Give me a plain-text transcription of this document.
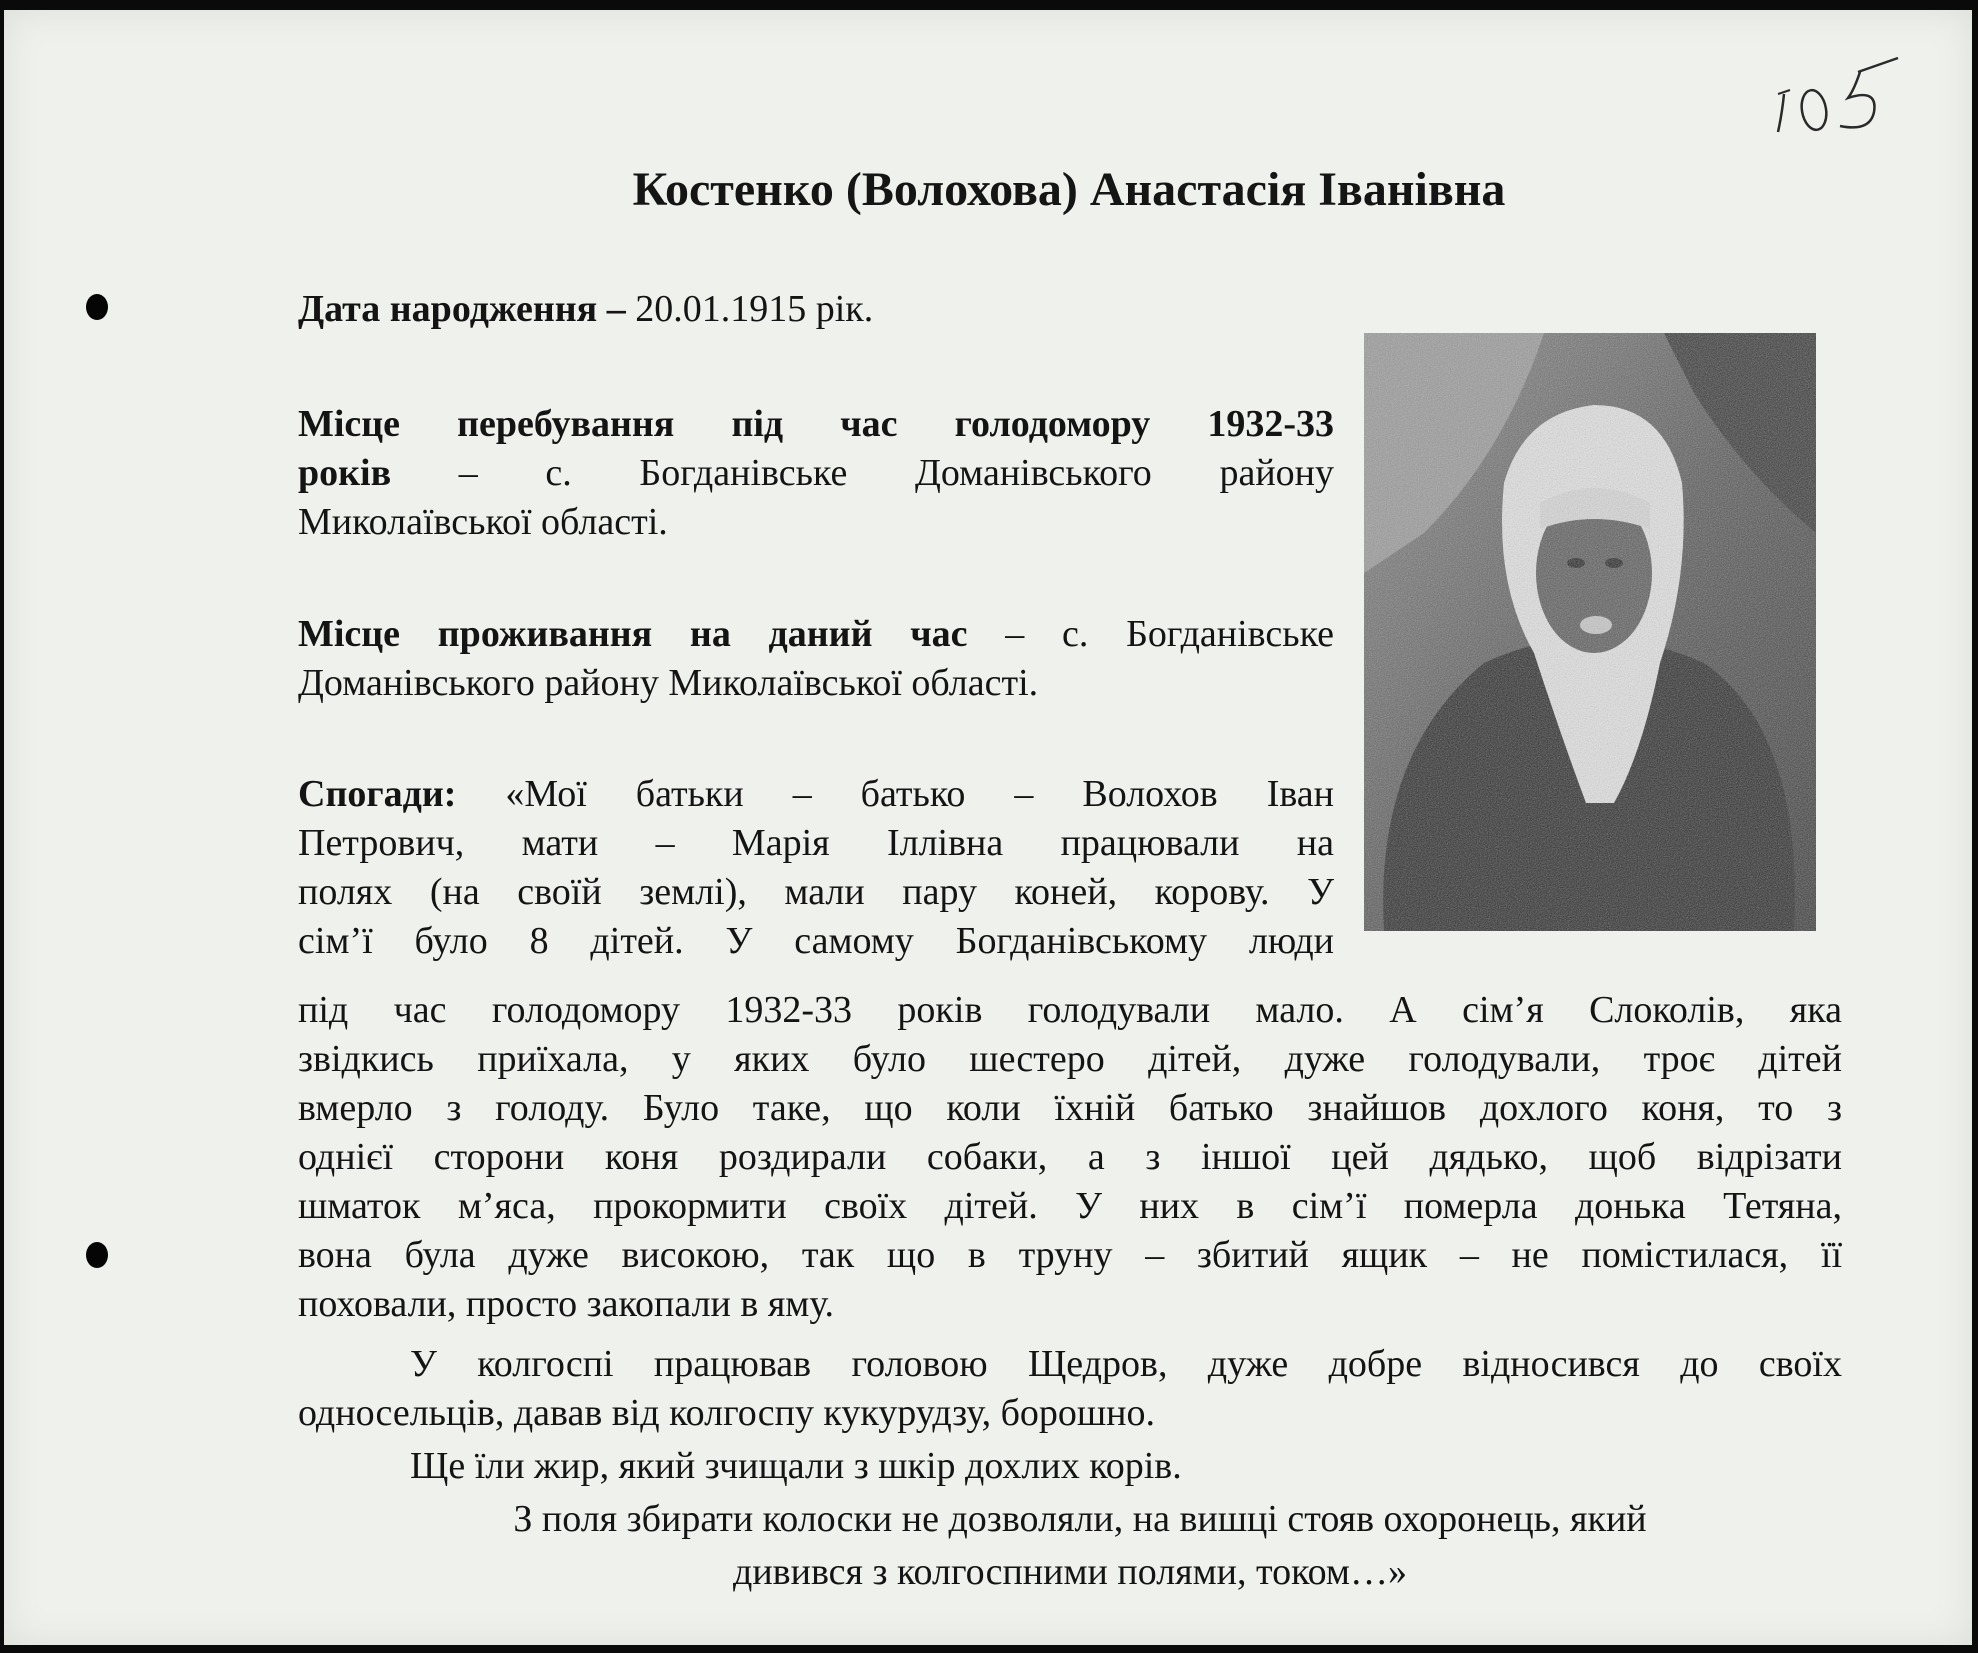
Костенко (Волохова) Анастасія Іванівна
Дата народження – 20.01.1915 рік.
Місце перебування під час голодомору 1932-33
років – с. Богданівське Доманівського району
Миколаївської області.
Місце проживання на даний час – с. Богданівське
Доманівського району Миколаївської області.
Спогади: «Мої батьки – батько – Волохов Іван
Петрович, мати – Марія Іллівна працювали на
полях (на своїй землі), мали пару коней, корову. У
сім’ї було 8 дітей. У самому Богданівському люди
під час голодомору 1932-33 років голодували мало. А сім’я Слоколів, яка
звідкись приїхала, у яких було шестеро дітей, дуже голодували, троє дітей
вмерло з голоду. Було таке, що коли їхній батько знайшов дохлого коня, то з
однієї сторони коня роздирали собаки, а з іншої цей дядько, щоб відрізати
шматок м’яса, прокормити своїх дітей. У них в сім’ї померла донька Тетяна,
вона була дуже високою, так що в труну – збитий ящик – не помістилася, її
поховали, просто закопали в яму.
У колгоспі працював головою Щедров, дуже добре відносився до своїх
односельців, давав від колгоспу кукурудзу, борошно.
Ще їли жир, який зчищали з шкір дохлих корів.
З поля збирати колоски не дозволяли, на вишці стояв охоронець, який
дивився з колгоспними полями, током…»
